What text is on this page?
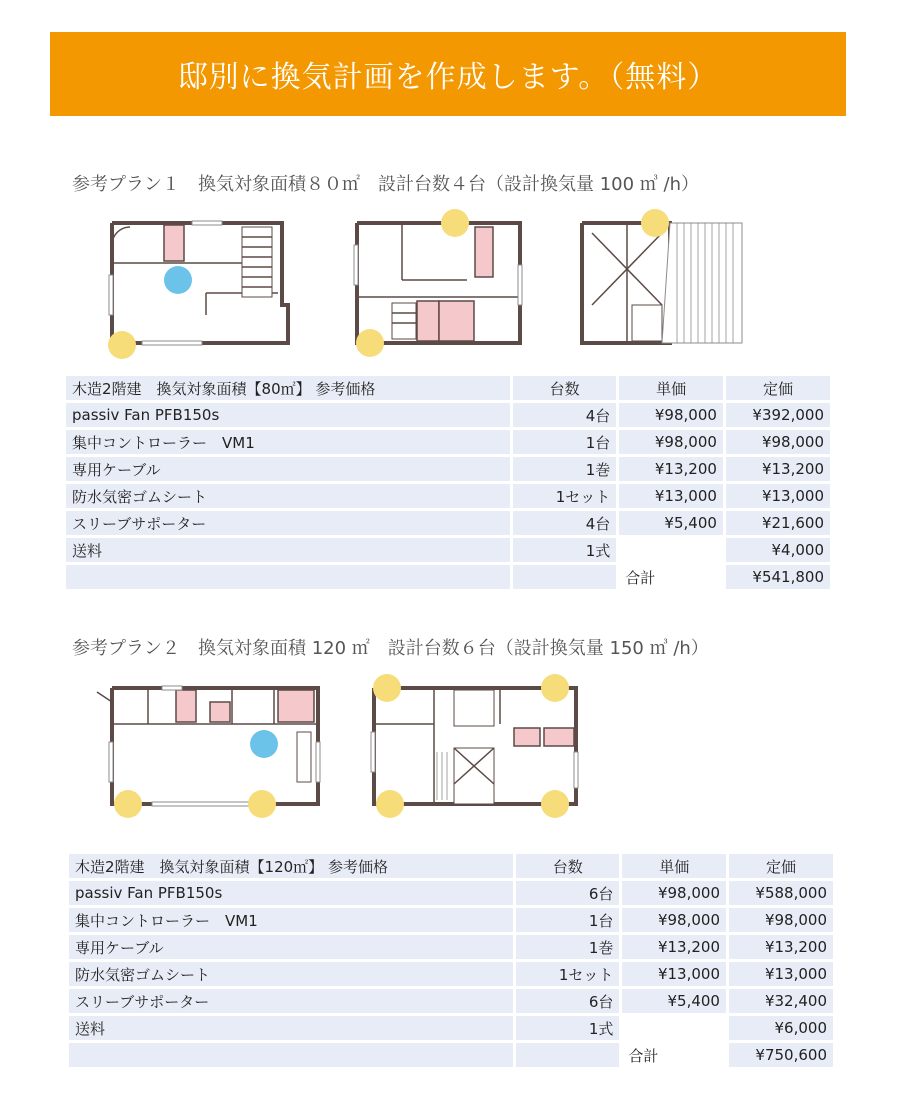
邸別に換気計画を作成します。（無料）
参考プラン１　換気対象面積８０㎡　設計台数４台（設計換気量 100 ㎥ /h）
木造2階建　換気対象面積【80㎡】 参考価格	台数	単価	定価
passiv Fan PFB150s	4台	¥98,000	¥392,000
集中コントローラー　VM1	1台	¥98,000	¥98,000
専用ケーブル	1巻	¥13,200	¥13,200
防水気密ゴムシート	1セット	¥13,000	¥13,000
スリーブサポーター	4台	¥5,400	¥21,600
送料	1式		¥4,000
		合計	¥541,800
参考プラン２　換気対象面積 120 ㎡　設計台数６台（設計換気量 150 ㎥ /h）
木造2階建　換気対象面積【120㎡】 参考価格	台数	単価	定価
passiv Fan PFB150s	6台	¥98,000	¥588,000
集中コントローラー　VM1	1台	¥98,000	¥98,000
専用ケーブル	1巻	¥13,200	¥13,200
防水気密ゴムシート	1セット	¥13,000	¥13,000
スリーブサポーター	6台	¥5,400	¥32,400
送料	1式		¥6,000
		合計	¥750,600
